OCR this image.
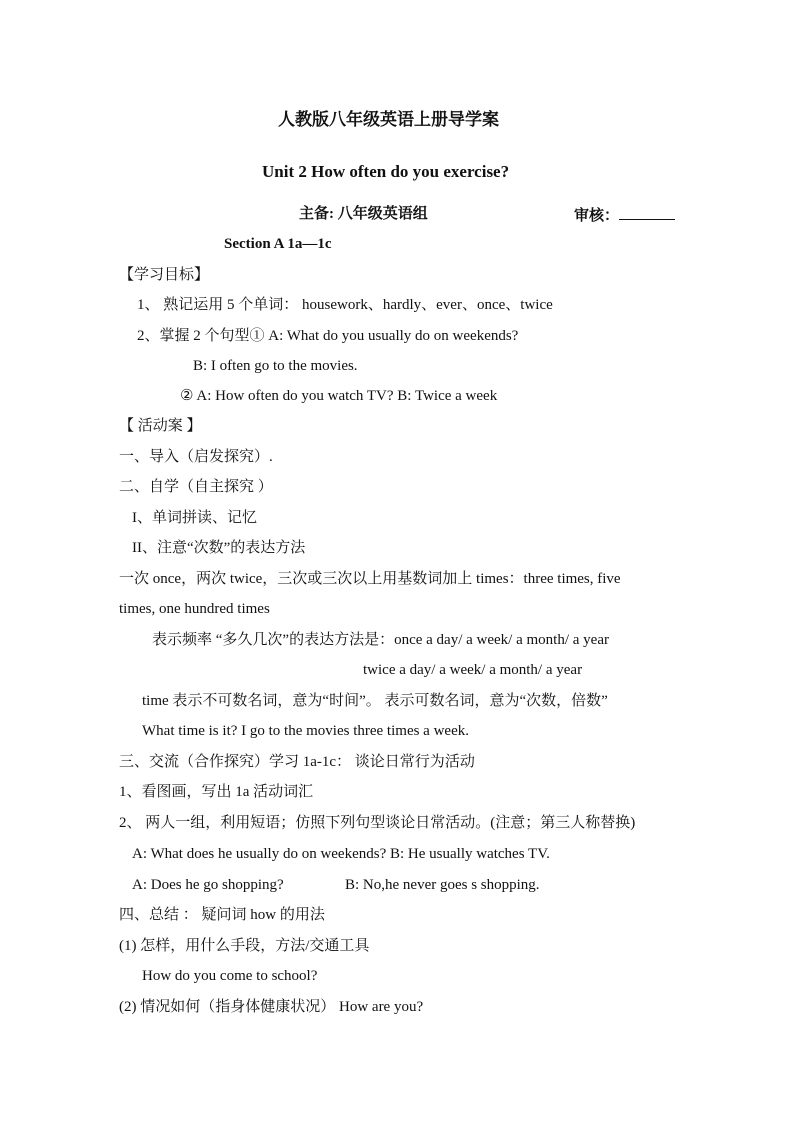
人教版八年级英语上册导学案
Unit 2 How often do you exercise?
主备: 八年级英语组	审核：
Section A 1a—1c
【学习目标】
1、 熟记运用 5 个单词： housework、hardly、ever、once、twice
2、掌握 2 个句型① A: What do you usually do on weekends?
B: I often go to the movies.
② A: How often do you watch TV? B: Twice a week
【 活动案 】
一、导入（启发探究）.
二、自学（自主探究 ）
I、单词拼读、记忆
II、注意“次数”的表达方法
一次 once，两次 twice，三次或三次以上用基数词加上 times：three times, five
times, one hundred times
表示频率 “多久几次”的表达方法是：once a day/ a week/ a month/ a year
twice a day/ a week/ a month/ a year
time 表示不可数名词，意为“时间”。 表示可数名词，意为“次数，倍数”
What time is it? I go to the movies three times a week.
三、交流（合作探究）学习 1a-1c： 谈论日常行为活动
1、看图画，写出 1a 活动词汇
2、 两人一组，利用短语；仿照下列句型谈论日常活动。(注意；第三人称替换)
A: What does he usually do on weekends? B: He usually watches TV.
A: Does he go shopping?	B: No,he never goes s shopping.
四、总结 ： 疑问词 how 的用法
(1) 怎样，用什么手段，方法/交通工具
How do you come to school?
(2) 情况如何（指身体健康状况） How are you?
